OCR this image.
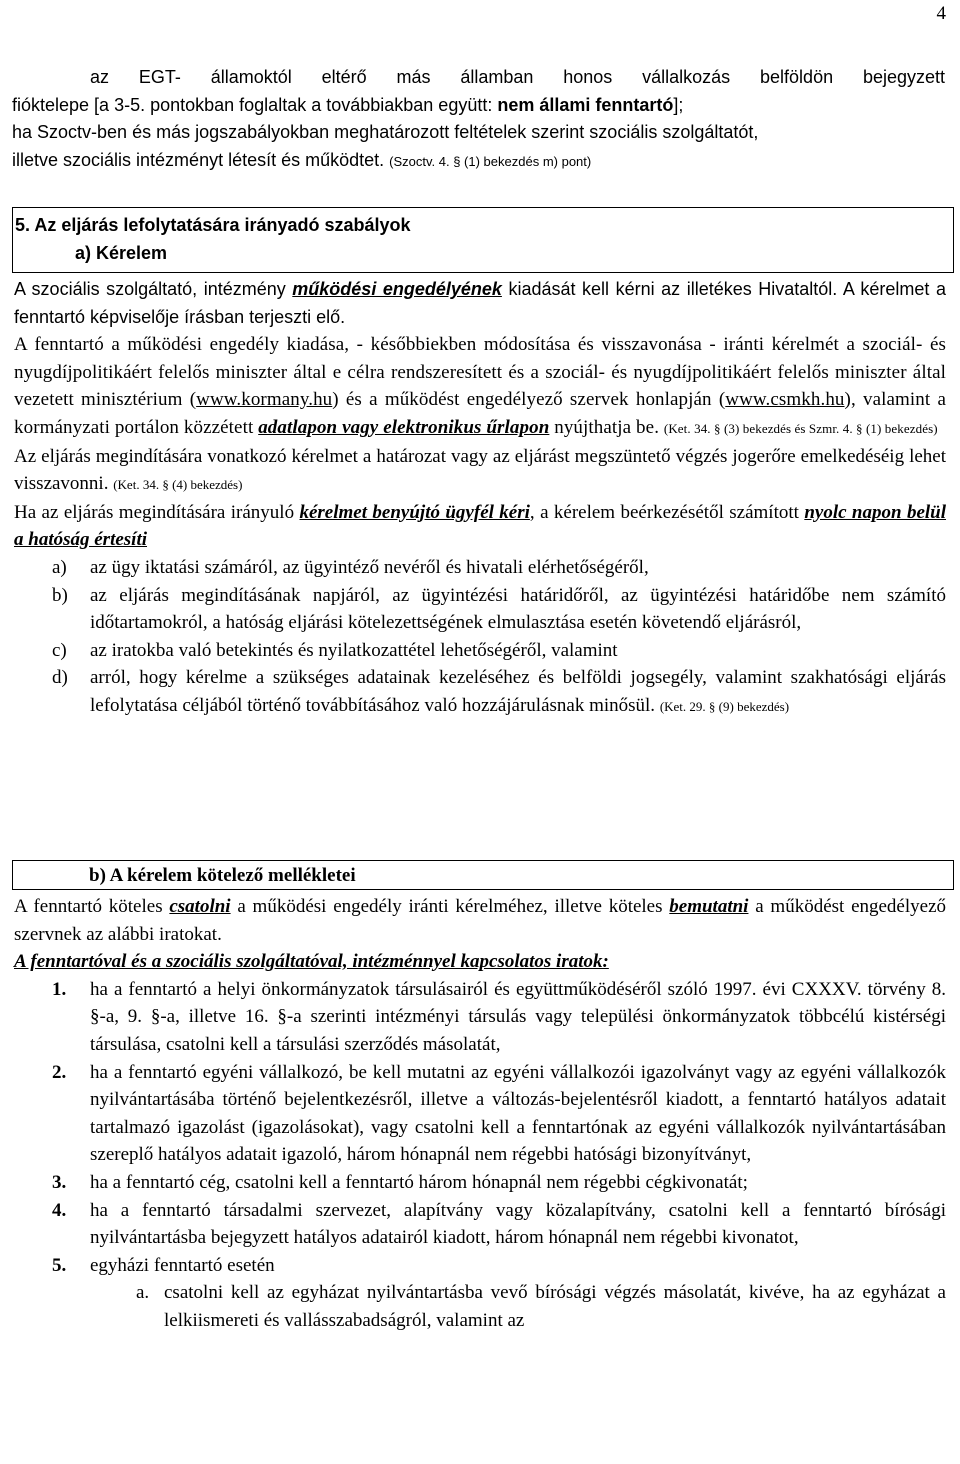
4

az EGT- államoktól eltérő más államban honos vállalkozás belföldön bejegyzett

fióktelepe [a 3-5. pontokban foglaltak a továbbiakban együtt: nem állami fenntartó];

ha Szoctv-ben és más jogszabályokban meghatározott feltételek szerint szociális szolgáltatót,

illetve szociális intézményt létesít és működtet. (Szoctv. 4. § (1) bekezdés m) pont)

5. Az eljárás lefolytatására irányadó szabályok
a) Kérelem

A szociális szolgáltató, intézmény működési engedélyének kiadását kell kérni az illetékes Hivataltól. A kérelmet a fenntartó képviselője írásban terjeszti elő.

A fenntartó a működési engedély kiadása, - későbbiekben módosítása és visszavonása - iránti kérelmét a szociál- és nyugdíjpolitikáért felelős miniszter által e célra rendszeresített és a szociál- és nyugdíjpolitikáért felelős miniszter által vezetett minisztérium (www.kormany.hu) és a működést engedélyező szervek honlapján (www.csmkh.hu), valamint a kormányzati portálon közzétett adatlapon vagy elektronikus űrlapon nyújthatja be. (Ket. 34. § (3) bekezdés és Szmr. 4. § (1) bekezdés)

Az eljárás megindítására vonatkozó kérelmet a határozat vagy az eljárást megszüntető végzés jogerőre emelkedéséig lehet visszavonni. (Ket. 34. § (4) bekezdés)

Ha az eljárás megindítására irányuló kérelmet benyújtó ügyfél kéri, a kérelem beérkezésétől számított nyolc napon belül a hatóság értesíti

a) az ügy iktatási számáról, az ügyintéző nevéről és hivatali elérhetőségéről,
b) az eljárás megindításának napjáról, az ügyintézési határidőről, az ügyintézési határidőbe nem számító időtartamokról, a hatóság eljárási kötelezettségének elmulasztása esetén követendő eljárásról,
c) az iratokba való betekintés és nyilatkozattétel lehetőségéről, valamint
d) arról, hogy kérelme a szükséges adatainak kezeléséhez és belföldi jogsegély, valamint szakhatósági eljárás lefolytatása céljából történő továbbításához való hozzájárulásnak minősül. (Ket. 29. § (9) bekezdés)
b) A kérelem kötelező mellékletei

A fenntartó köteles csatolni a működési engedély iránti kérelméhez, illetve köteles bemutatni a működést engedélyező szervnek az alábbi iratokat.

A fenntartóval és a szociális szolgáltatóval, intézménnyel kapcsolatos iratok:

1. ha a fenntartó a helyi önkormányzatok társulásairól és együttműködéséről szóló 1997. évi CXXXV. törvény 8. §-a, 9. §-a, illetve 16. §-a szerinti intézményi társulás vagy települési önkormányzatok többcélú kistérségi társulása, csatolni kell a társulási szerződés másolatát,
2. ha a fenntartó egyéni vállalkozó, be kell mutatni az egyéni vállalkozói igazolványt vagy az egyéni vállalkozók nyilvántartásába történő bejelentkezésről, illetve a változás-bejelentésről kiadott, a fenntartó hatályos adatait tartalmazó igazolást (igazolásokat), vagy csatolni kell a fenntartónak az egyéni vállalkozók nyilvántartásában szereplő hatályos adatait igazoló, három hónapnál nem régebbi hatósági bizonyítványt,
3. ha a fenntartó cég, csatolni kell a fenntartó három hónapnál nem régebbi cégkivonatát;
4. ha a fenntartó társadalmi szervezet, alapítvány vagy közalapítvány, csatolni kell a fenntartó bírósági nyilvántartásba bejegyzett hatályos adatairól kiadott, három hónapnál nem régebbi kivonatot,
5. egyházi fenntartó esetén
a. csatolni kell az egyházat nyilvántartásba vevő bírósági végzés másolatát, kivéve, ha az egyházat a lelkiismereti és vallásszabadságról, valamint az
